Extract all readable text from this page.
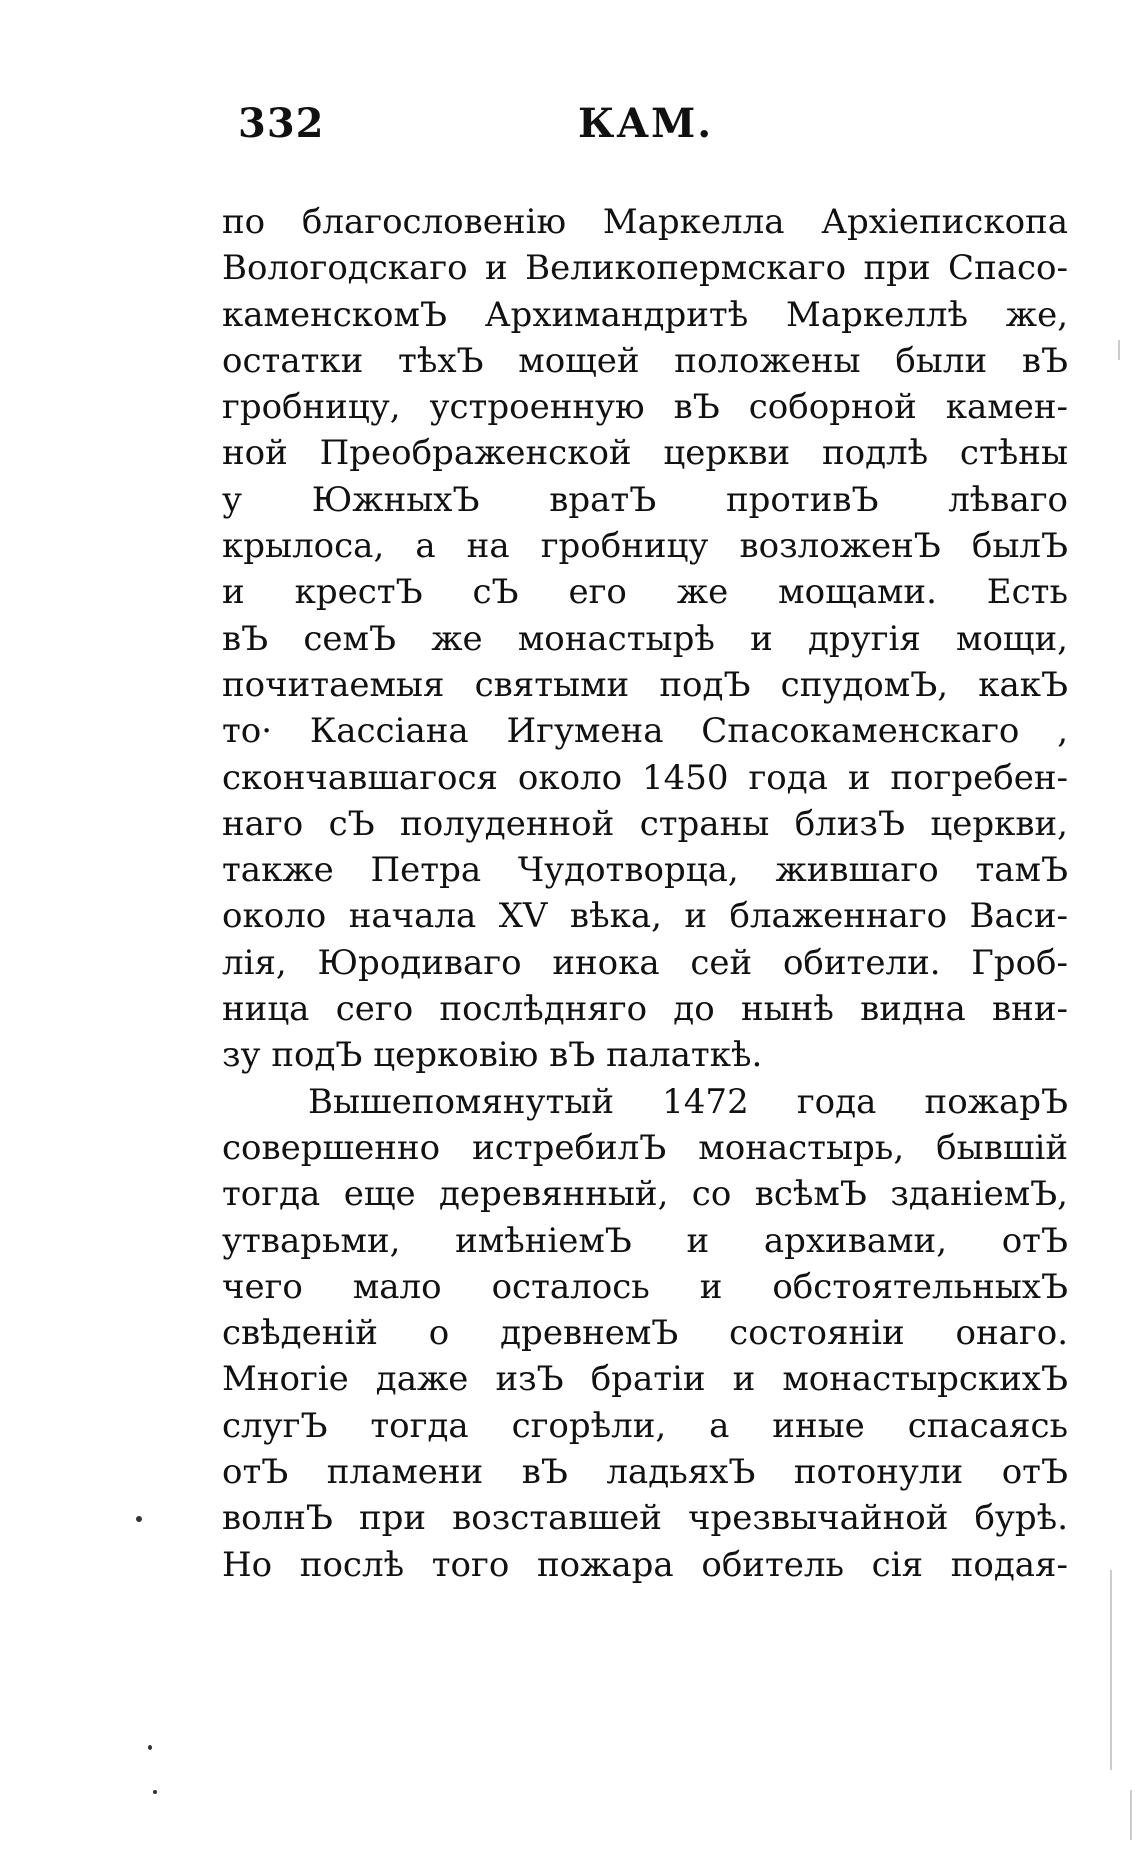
332	КАМ.
по благословенію Маркелла Архіепископа
Вологодскаго и Великопермскаго при Спасо-
каменскомЪ Архимандритѣ Маркеллѣ же,
остатки тѣхЪ мощей положены были вЪ
гробницу, устроенную вЪ соборной камен-
ной Преображенской церкви подлѣ стѣны
у ЮжныхЪ вратЪ противЪ лѣваго
крылоса, а на гробницу возложенЪ былЪ
и крестЪ сЪ его же мощами. Есть
вЪ семЪ же монастырѣ и другія мощи,
почитаемыя святыми подЪ спудомЪ, какЪ
то· Кассіана Игумена Спасокаменскаго ,
скончавшагося около 1450 года и погребен-
наго сЪ полуденной страны близЪ церкви,
также Петра Чудотворца, жившаго тамЪ
около начала XV вѣка, и блаженнаго Васи-
лія, Юродиваго инока сей обители. Гроб-
ница сего послѣдняго до нынѣ видна вни-
зу подЪ церковію вЪ палаткѣ.
Вышепомянутый 1472 года пожарЪ
совершенно истребилЪ монастырь, бывшій
тогда еще деревянный, со всѣмЪ зданіемЪ,
утварьми, имѣніемЪ и архивами, отЪ
чего мало осталось и обстоятельныхЪ
свѣденій о древнемЪ состояніи онаго.
Многіе даже изЪ братіи и монастырскихЪ
слугЪ тогда сгорѣли, а иные спасаясь
отЪ пламени вЪ ладьяхЪ потонули отЪ
волнЪ при возставшей чрезвычайной бурѣ.
Но послѣ того пожара обитель сія подая-
